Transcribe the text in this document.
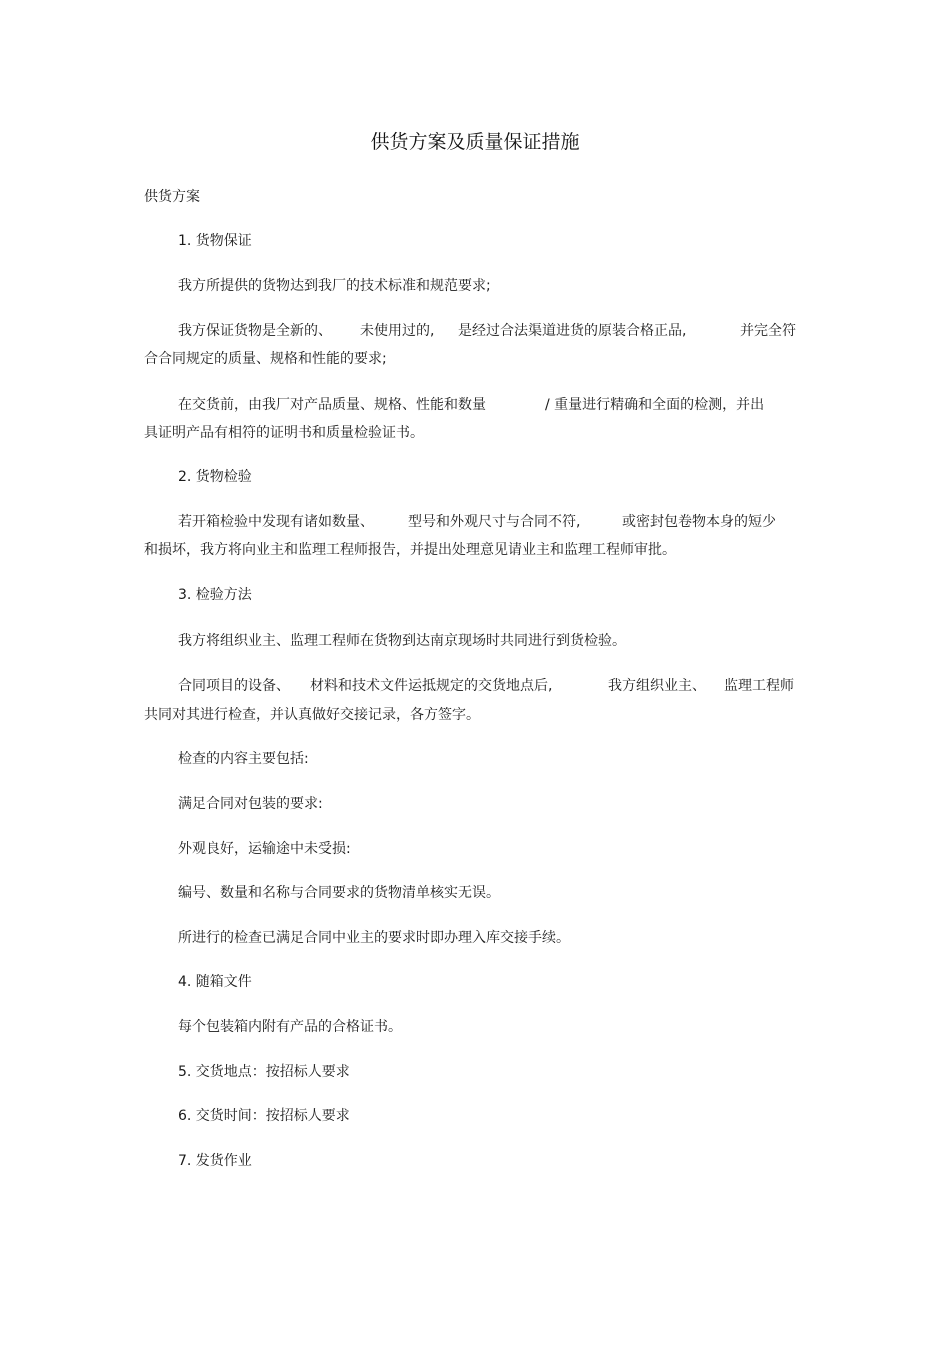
供货方案及质量保证措施
供货方案
1. 货物保证
我方所提供的货物达到我厂的技术标准和规范要求;
我方保证货物是全新的、 未使用过的, 是经过合法渠道进货的原装合格正品,	并完全符
合合同规定的质量、规格和性能的要求;
在交货前，由我厂对产品质量、规格、性能和数量	/ 重量进行精确和全面的检测，并出
具证明产品有相符的证明书和质量检验证书。
2. 货物检验
若开箱检验中发现有诸如数量、 型号和外观尺寸与合同不符,	或密封包卷物本身的短少
和损坏，我方将向业主和监理工程师报告，并提出处理意见请业主和监理工程师审批。
3. 检验方法
我方将组织业主、监理工程师在货物到达南京现场时共同进行到货检验。
合同项目的设备、 材料和技术文件运抵规定的交货地点后,	我方组织业主、 监理工程师
共同对其进行检查，并认真做好交接记录，各方签字。
检查的内容主要包括:
满足合同对包装的要求:
外观良好，运输途中未受损:
编号、数量和名称与合同要求的货物清单核实无误。
所进行的检查已满足合同中业主的要求时即办理入库交接手续。
4. 随箱文件
每个包装箱内附有产品的合格证书。
5. 交货地点：按招标人要求
6. 交货时间：按招标人要求
7. 发货作业
